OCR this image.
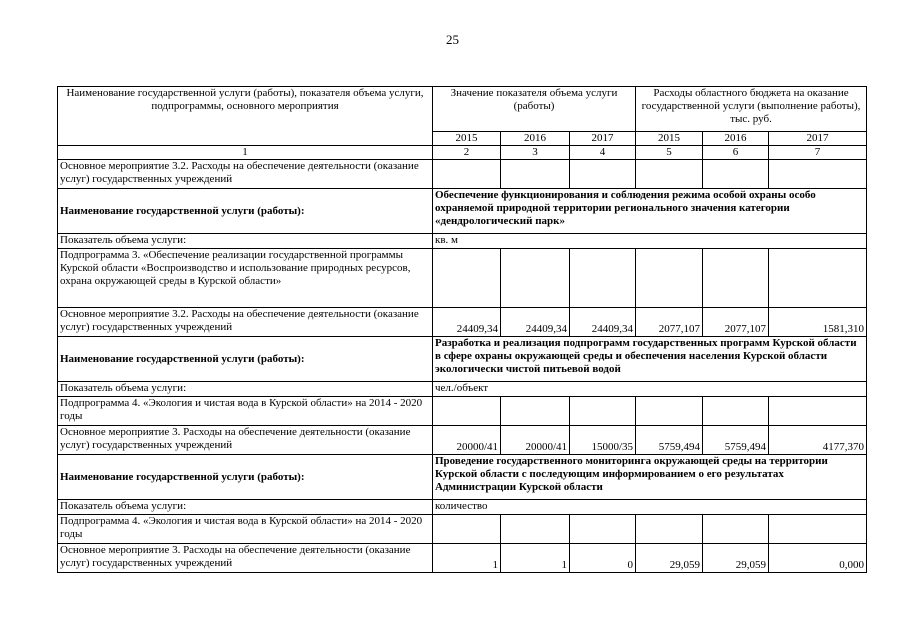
25
Наименование государственной услуги (работы), показателя объема услуги, подпрограммы, основного мероприятия	Значение показателя объема услуги (работы)			Расходы областного бюджета на оказание государственной услуги (выполнение работы), тыс. руб.		
	2015	2016	2017	2015	2016	2017
1	2	3	4	5	6	7
Основное мероприятие 3.2. Расходы на обеспечение деятельности (оказание услуг) государственных учреждений						
Наименование государственной услуги (работы):	Обеспечение функционирования и соблюдения режима особой охраны особо охраняемой природной территории регионального значения категории «дендрологический парк»					
Показатель объема услуги:	кв. м					
Подпрограмма 3. «Обеспечение реализации государственной программы Курской области «Воспроизводство и использование природных ресурсов, охрана окружающей среды в Курской области»						
Основное мероприятие 3.2. Расходы на обеспечение деятельности (оказание услуг) государственных учреждений	24409,34	24409,34	24409,34	2077,107	2077,107	1581,310
Наименование государственной услуги (работы):	Разработка и реализация подпрограмм государственных программ Курской области в сфере охраны окружающей среды и обеспечения населения Курской области экологически чистой питьевой водой					
Показатель объема услуги:	чел./объект					
Подпрограмма 4. «Экология и чистая вода в Курской области» на 2014 - 2020 годы						
Основное мероприятие 3. Расходы на обеспечение деятельности (оказание услуг) государственных учреждений	20000/41	20000/41	15000/35	5759,494	5759,494	4177,370
Наименование государственной услуги (работы):	Проведение государственного мониторинга окружающей среды на территории Курской области с последующим информированием о его результатах Администрации Курской области					
Показатель объема услуги:	количество					
Подпрограмма 4. «Экология и чистая вода в Курской области» на 2014 - 2020 годы						
Основное мероприятие 3. Расходы на обеспечение деятельности (оказание услуг) государственных учреждений	1	1	0	29,059	29,059	0,000
